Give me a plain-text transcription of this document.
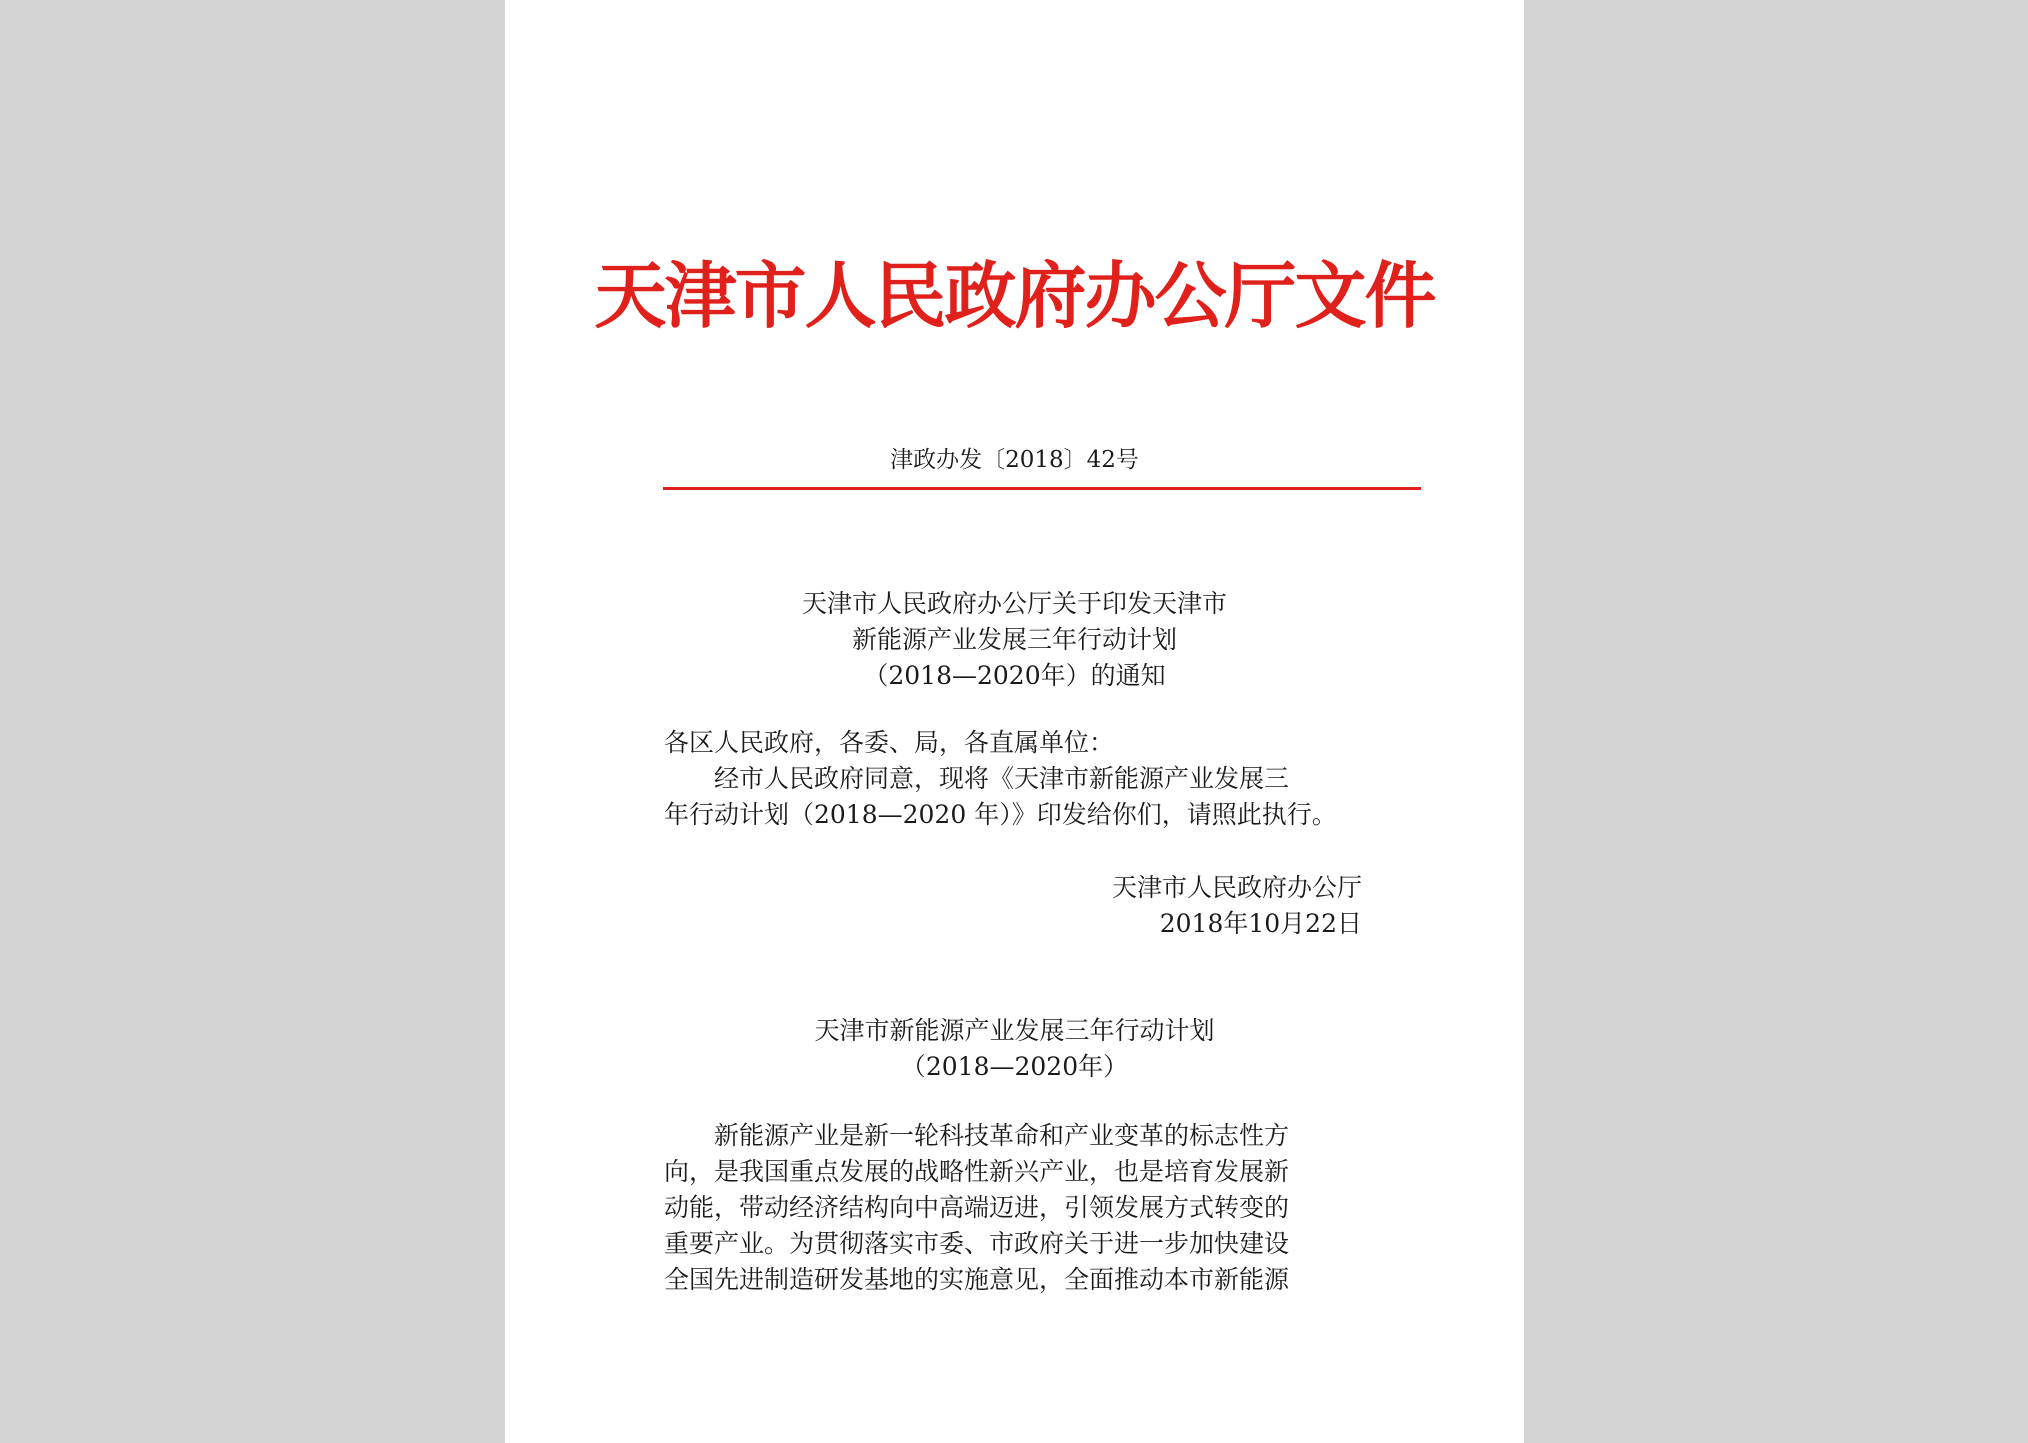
天津市人民政府办公厅文件
津政办发〔2018〕42号
天津市人民政府办公厅关于印发天津市
新能源产业发展三年行动计划
（2018—2020年）的通知
各区人民政府，各委、局，各直属单位：
经市人民政府同意，现将《天津市新能源产业发展三
年行动计划（2018—2020 年）》印发给你们，请照此执行。
天津市人民政府办公厅
2018年10月22日
天津市新能源产业发展三年行动计划
（2018—2020年）
新能源产业是新一轮科技革命和产业变革的标志性方
向，是我国重点发展的战略性新兴产业，也是培育发展新
动能，带动经济结构向中高端迈进，引领发展方式转变的
重要产业。为贯彻落实市委、市政府关于进一步加快建设
全国先进制造研发基地的实施意见，全面推动本市新能源
